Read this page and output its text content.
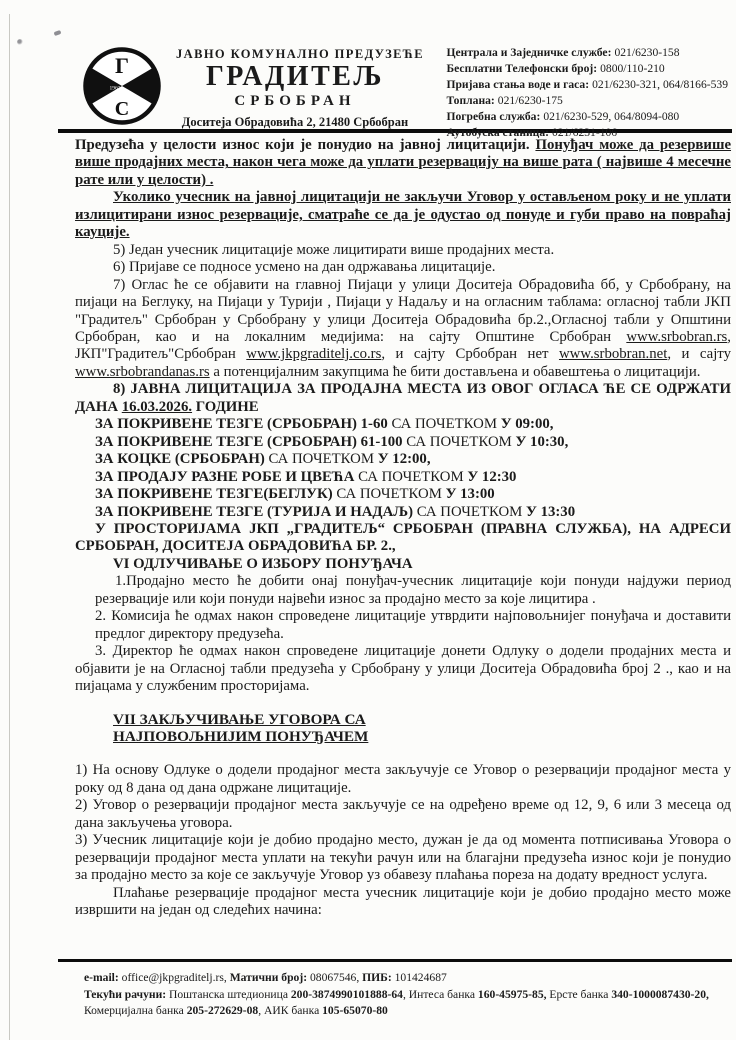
Г
С
1963
ЈАВНО КОМУНАЛНО ПРЕДУЗЕЋЕ
ГРАДИТЕЉ
СРБОБРАН
Доситеја Обрадовића 2, 21480 Србобран
Централа и Заједничке службе: 021/6230-158
Бесплатни Телефонски број: 0800/110-210
Пријава стања воде и гаса: 021/6230-321, 064/8166-539
Топлана: 021/6230-175
Погребна служба: 021/6230-529, 064/8094-080
Аутобуска станица: 021/6231-106

Предузећа у целости износ који је понудио на јавној лицитацији. Понуђач може да резервише више продајних места, након чега може да уплати резервацију на више рата ( највише 4 месечне рате или у целости) .

Уколико учесник на јавној лицитацији не закључи Уговор у остављеном року и не уплати излицитирани износ резервације, сматраће се да је одустао од понуде и губи право на повраћај кауције.

5) Један учесник лицитације може лицитирати више продајних места.

6) Пријаве се подносе усмено на дан одржавања лицитације.

7) Оглас ће се објавити на главној Пијаци у улици Доситеја Обрадовића бб, у Србобрану, на пијаци на Беглуку, на Пијаци у Турији , Пијаци у Надаљу и на огласним таблама: огласној табли ЈКП "Градитељ" Србобран у Србобрану у улици Доситеја Обрадовића бр.2.,Огласној табли у Општини Србобран, као и на локалним медијима: на сајту Општине Србобран www.srbobran.rs, ЈКП"Градитељ"Србобран www.jkpgraditelj.co.rs, и сајту Србобран нет www.srbobran.net, и сајту www.srbobrandanas.rs а потенцијалним закупцима ће бити достављена и обавештења о лицитацији.

8) ЈАВНА ЛИЦИТАЦИЈА ЗА ПРОДАЈНА МЕСТА ИЗ ОВОГ ОГЛАСА ЋЕ СЕ ОДРЖАТИ ДАНА 16.03.2026. ГОДИНЕ

ЗА ПОКРИВЕНЕ ТЕЗГЕ (СРБОБРАН) 1-60 СА ПОЧЕТКОМ У 09:00,

ЗА ПОКРИВЕНЕ ТЕЗГЕ (СРБОБРАН) 61-100 СА ПОЧЕТКОМ У 10:30,

ЗА КОЦКЕ (СРБОБРАН) СА ПОЧЕТКОМ У 12:00,

ЗА ПРОДАЈУ РАЗНЕ РОБЕ И ЦВЕЋА СА ПОЧЕТКОМ У 12:30

ЗА ПОКРИВЕНЕ ТЕЗГЕ(БЕГЛУК) СА ПОЧЕТКОМ У 13:00

ЗА ПОКРИВЕНЕ ТЕЗГЕ (ТУРИЈА И НАДАЉ) СА ПОЧЕТКОМ У 13:30

У ПРОСТОРИЈАМА ЈКП „ГРАДИТЕЉ“ СРБОБРАН (ПРАВНА СЛУЖБА), НА АДРЕСИ СРБОБРАН, ДОСИТЕЈА ОБРАДОВИЋА БР. 2.,

VI ОДЛУЧИВАЊЕ О ИЗБОРУ ПОНУЂАЧА

1.Продајно место ће добити онај понуђач-учесник лицитације који понуди најдужи период резервације или који понуди највећи износ за продајно место за које лицитира .

2. Комисија ће одмах након спроведене лицитације утврдити најповољнијег понуђача и доставити предлог директору предузећа.

3. Директор ће одмах након спроведене лицитације донети Одлуку о додели продајних места и објавити је на Огласној табли предузећа у Србобрану у улици Доситеја Обрадовића број 2 ., као и на пијацама у службеним просторијама.

VII ЗАКЉУЧИВАЊЕ УГОВОРА СА

НАЈПОВОЉНИЈИМ ПОНУЂАЧЕМ

1) На основу Одлуке о додели продајног места закључује се Уговор о резервацији продајног места у року од 8 дана од дана одржане лицитације.

2) Уговор о резервацији продајног места закључује се на одређено време од 12, 9, 6 или 3 месеца од дана закључења уговора.

3) Учесник лицитације који је добио продајно место, дужан је да од момента потписивања Уговора о резервацији продајног места уплати на текући рачун или на благајни предузећа износ који је понудио за продајно место за које се закључује Уговор уз обавезу плаћања пореза на додату вредност услуга.

Плаћање резервације продајног места учесник лицитације који је добио продајно место може извршити на један од следећих начина:

e-mail: office@jkpgraditelj.rs, Матични број: 08067546, ПИБ: 101424687

Текући рачуни: Поштанска штедионица 200-3874990101888-64, Интеса банка 160-45975-85, Ерсте банка 340-1000087430-20,

Комерцијална банка 205-272629-08, АИК банка 105-65070-80
